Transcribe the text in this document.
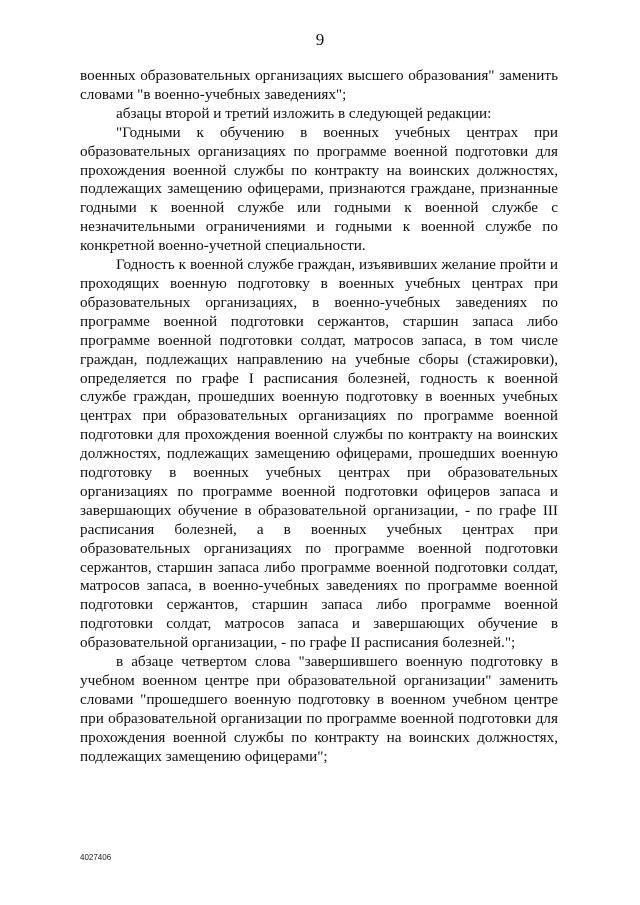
9

военных образовательных организациях высшего образования" заменить словами "в военно-учебных заведениях";

абзацы второй и третий изложить в следующей редакции:

"Годными к обучению в военных учебных центрах при образовательных организациях по программе военной подготовки для прохождения военной службы по контракту на воинских должностях, подлежащих замещению офицерами, признаются граждане, признанные годными к военной службе или годными к военной службе с незначительными ограничениями и годными к военной службе по конкретной военно-учетной специальности.

Годность к военной службе граждан, изъявивших желание пройти и проходящих военную подготовку в военных учебных центрах при образовательных организациях, в военно-учебных заведениях по программе военной подготовки сержантов, старшин запаса либо программе военной подготовки солдат, матросов запаса, в том числе граждан, подлежащих направлению на учебные сборы (стажировки), определяется по графе I расписания болезней, годность к военной службе граждан, прошедших военную подготовку в военных учебных центрах при образовательных организациях по программе военной подготовки для прохождения военной службы по контракту на воинских должностях, подлежащих замещению офицерами, прошедших военную подготовку в военных учебных центрах при образовательных организациях по программе военной подготовки офицеров запаса и завершающих обучение в образовательной организации, - по графе III расписания болезней, а в военных учебных центрах при образовательных организациях по программе военной подготовки сержантов, старшин запаса либо программе военной подготовки солдат, матросов запаса, в военно-учебных заведениях по программе военной подготовки сержантов, старшин запаса либо программе военной подготовки солдат, матросов запаса и завершающих обучение в образовательной организации, - по графе II расписания болезней.";

в абзаце четвертом слова "завершившего военную подготовку в учебном военном центре при образовательной организации" заменить словами "прошедшего военную подготовку в военном учебном центре при образовательной организации по программе военной подготовки для прохождения военной службы по контракту на воинских должностях, подлежащих замещению офицерами";

4027406
